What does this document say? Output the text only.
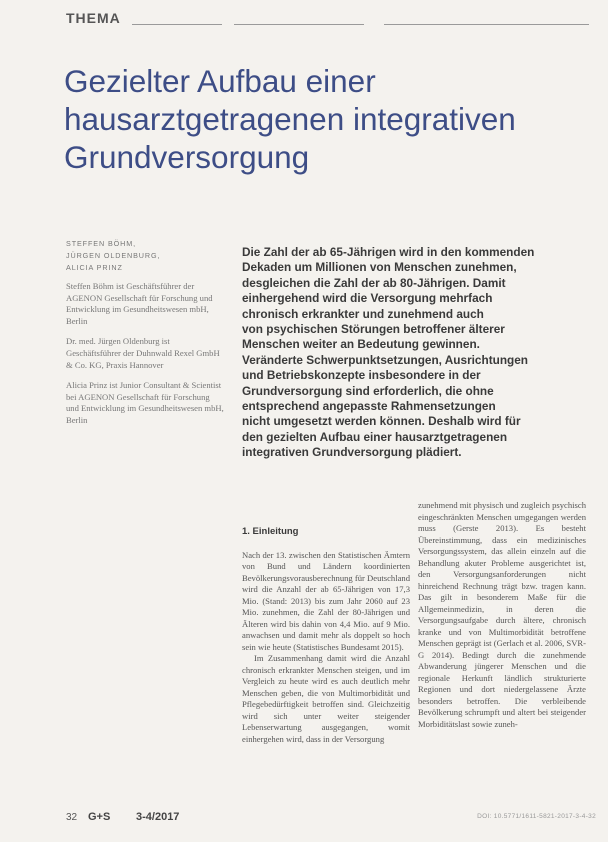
THEMA
Gezielter Aufbau einer
hausarztgetragenen integrativen
Grundversorgung
STEFFEN BÖHM,
JÜRGEN OLDENBURG,
ALICIA PRINZ
Steffen Böhm ist Geschäftsführer der AGENON Gesellschaft für Forschung und Entwicklung im Gesundheitswesen mbH, Berlin
Dr. med. Jürgen Oldenburg ist Geschäftsführer der Duhnwald Rexel GmbH & Co. KG, Praxis Hannover
Alicia Prinz ist Junior Consultant & Scientist bei AGENON Gesellschaft für Forschung und Entwicklung im Gesundheitswesen mbH, Berlin
Die Zahl der ab 65-Jährigen wird in den kommenden
Dekaden um Millionen von Menschen zunehmen,
desgleichen die Zahl der ab 80-Jährigen. Damit
einhergehend wird die Versorgung mehrfach
chronisch erkrankter und zunehmend auch
von psychischen Störungen betroffener älterer
Menschen weiter an Bedeutung gewinnen.
Veränderte Schwerpunktsetzungen, Ausrichtungen
und Betriebskonzepte insbesondere in der
Grundversorgung sind erforderlich, die ohne
entsprechend angepasste Rahmensetzungen
nicht umgesetzt werden können. Deshalb wird für
den gezielten Aufbau einer hausarztgetragenen
integrativen Grundversorgung plädiert.
1. Einleitung

Nach der 13. zwischen den Statistischen Ämtern von Bund und Ländern koordinierten Bevölkerungsvorausberechnung für Deutschland wird die Anzahl der ab 65-Jährigen von 17,3 Mio. (Stand: 2013) bis zum Jahr 2060 auf 23 Mio. zunehmen, die Zahl der 80-Jährigen und Älteren wird bis dahin von 4,4 Mio. auf 9 Mio. anwachsen und damit mehr als doppelt so hoch sein wie heute (Statistisches Bundesamt 2015).

Im Zusammenhang damit wird die Anzahl chronisch erkrankter Menschen steigen, und im Vergleich zu heute wird es auch deutlich mehr Menschen geben, die von Multimorbidität und Pflegebedürftigkeit betroffen sind. Gleichzeitig wird sich unter weiter steigender Lebenserwartung ausgegangen, womit einhergehen wird, dass in der Versorgung

zunehmend mit physisch und zugleich psychisch eingeschränkten Menschen umgegangen werden muss (Gerste 2013). Es besteht Übereinstimmung, dass ein medizinisches Versorgungssystem, das allein einzeln auf die Behandlung akuter Probleme ausgerichtet ist, den Versorgungsanforderungen nicht hinreichend Rechnung trägt bzw. tragen kann. Das gilt in besonderem Maße für die Allgemeinmedizin, in deren die Versorgungsaufgabe durch ältere, chronisch kranke und von Multimorbidität betroffene Menschen geprägt ist (Gerlach et al. 2006, SVR-G 2014). Bedingt durch die zunehmende Abwanderung jüngerer Menschen und die regionale Herkunft ländlich strukturierte Regionen und dort niedergelassene Ärzte besonders betroffen. Die verbleibende Bevölkerung schrumpft und altert bei steigender Morbiditätslast sowie zuneh-

32 G+S 3-4/2017	DOI: 10.5771/1611-5821-2017-3-4-32
